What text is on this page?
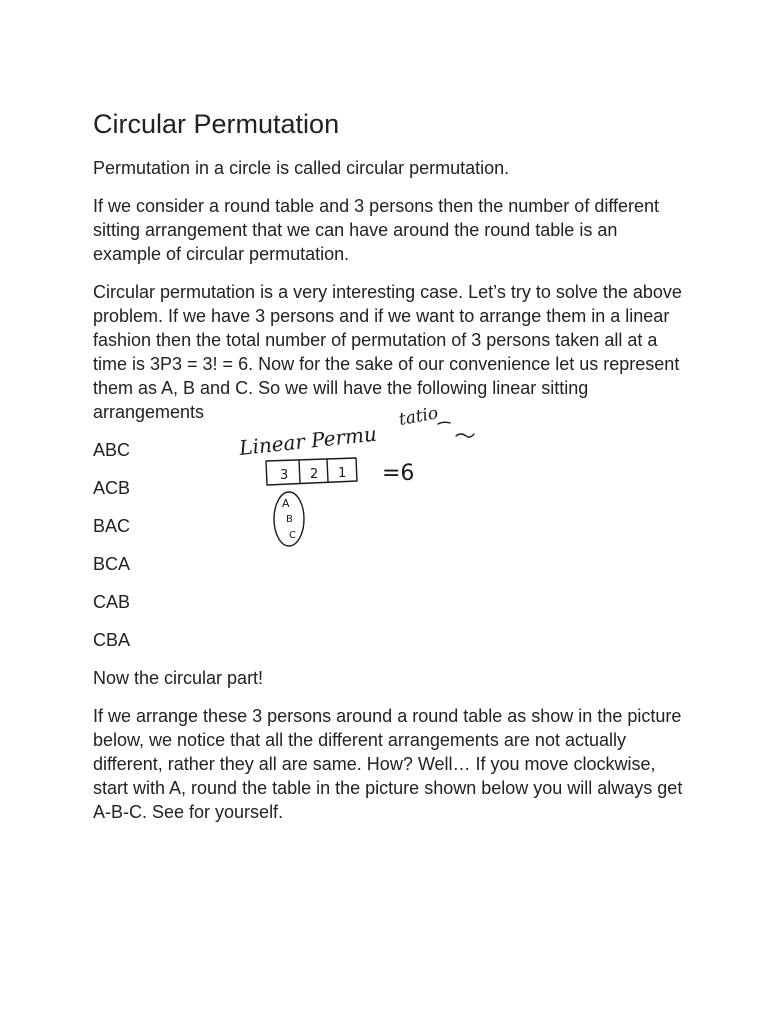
Circular Permutation

Permutation in a circle is called circular permutation.

If we consider a round table and 3 persons then the number of different sitting arrangement that we can have around the round table is an example of circular permutation.

Circular permutation is a very interesting case. Let’s try to solve the above problem. If we have 3 persons and if we want to arrange them in a linear fashion then the total number of permutation of 3 persons taken all at a time is 3P3 = 3! = 6. Now for the sake of our convenience let us represent them as A, B and C. So we will have the following linear sitting arrangements

ABC
ACB
BAC
BCA
CAB
CBA

Now the circular part!

If we arrange these 3 persons around a round table as show in the picture below, we notice that all the different arrangements are not actually different, rather they all are same. How? Well… If you move clockwise, start with A, round the table in the picture shown below you will always get A-B-C. See for yourself.

Linear Permu
tatio
3 2 1 =6
A
B
C
